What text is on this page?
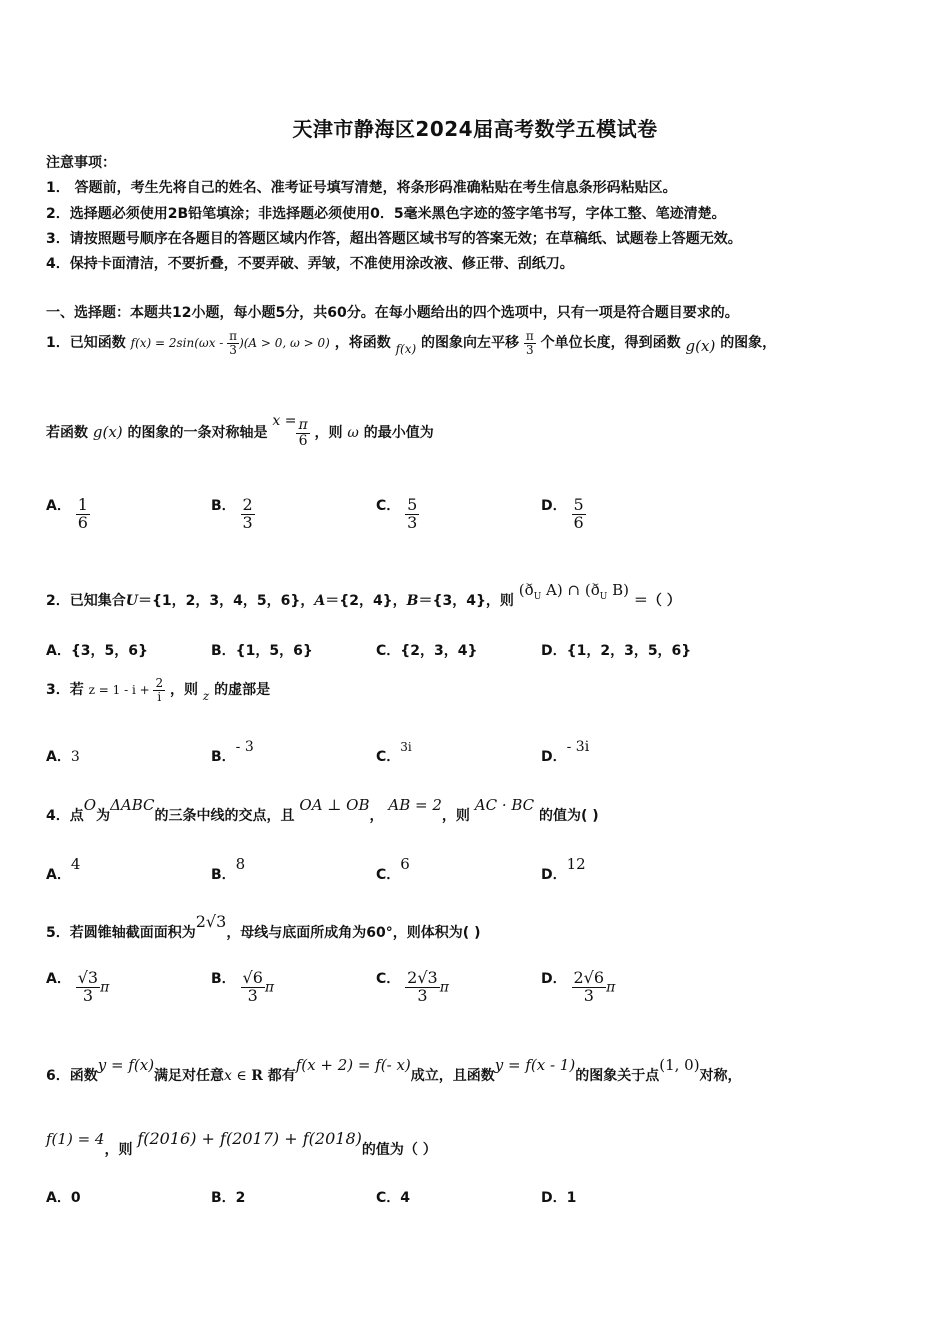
天津市静海区2024届高考数学五模试卷
注意事项：
1． 答题前，考生先将自己的姓名、准考证号填写清楚，将条形码准确粘贴在考生信息条形码粘贴区。
2．选择题必须使用2B铅笔填涂；非选择题必须使用0．5毫米黑色字迹的签字笔书写，字体工整、笔迹清楚。
3．请按照题号顺序在各题目的答题区域内作答，超出答题区域书写的答案无效；在草稿纸、试题卷上答题无效。
4．保持卡面清洁，不要折叠，不要弄破、弄皱，不准使用涂改液、修正带、刮纸刀。
一、选择题：本题共12小题，每小题5分，共60分。在每小题给出的四个选项中，只有一项是符合题目要求的。
1．已知函数 $f(x) = 2\sin(\omega x - \frac{\pi}{3} )(A > 0$, ω > 0) ，将函数 f(x) 的图象向左平移 $\frac{\pi}{3}$ 个单位长度，得到函数 g(x) 的图象，
若函数 g(x) 的图象的一条对称轴是 $x = \frac{\pi}{6}$ ，则 ω 的最小值为
A． $\frac{1}{6}$	B． $\frac{2}{3}$	C． $\frac{5}{3}$	D． $\frac{5}{6}$
2．已知集合U＝{1，2，3，4，5，6}，A＝{2，4}，B＝{3，4}，则 ($ð_U$ A) ∩ ($ð_U$ B) ＝（ ）
A．{3，5，6}	B．{1，5，6}	C．{2，3，4}	D．{1，2，3，5，6}
3．若 $z = 1 - i + \frac{2}{i}$ ，则 z 的虚部是
A．3	B．- 3
C．3i
D．- 3i
4．点O为ΔABC的三条中线的交点，且 OA ⊥ OB， AB = 2，则 AC · BC 的值为( )
A．4
B．8
C．6
D．12
5．若圆锥轴截面面积为2√3，母线与底面所成角为60°，则体积为( )
A． $\frac{√3}{3}$ π	B． $\frac{√6}{3}$ π	C． $\frac{2√3}{3}$ π	D． $\frac{2√6}{3}$ π
6．函数y = f(x)满足对任意x ∈ R 都有f(x + 2) = f(- x)成立，且函数y = f(x - 1)的图象关于点(1, 0)对称，
f(1) = 4，则 f(2016) + f(2017) + f(2018)的值为（ ）
A．0	B．2	C．4	D．1
